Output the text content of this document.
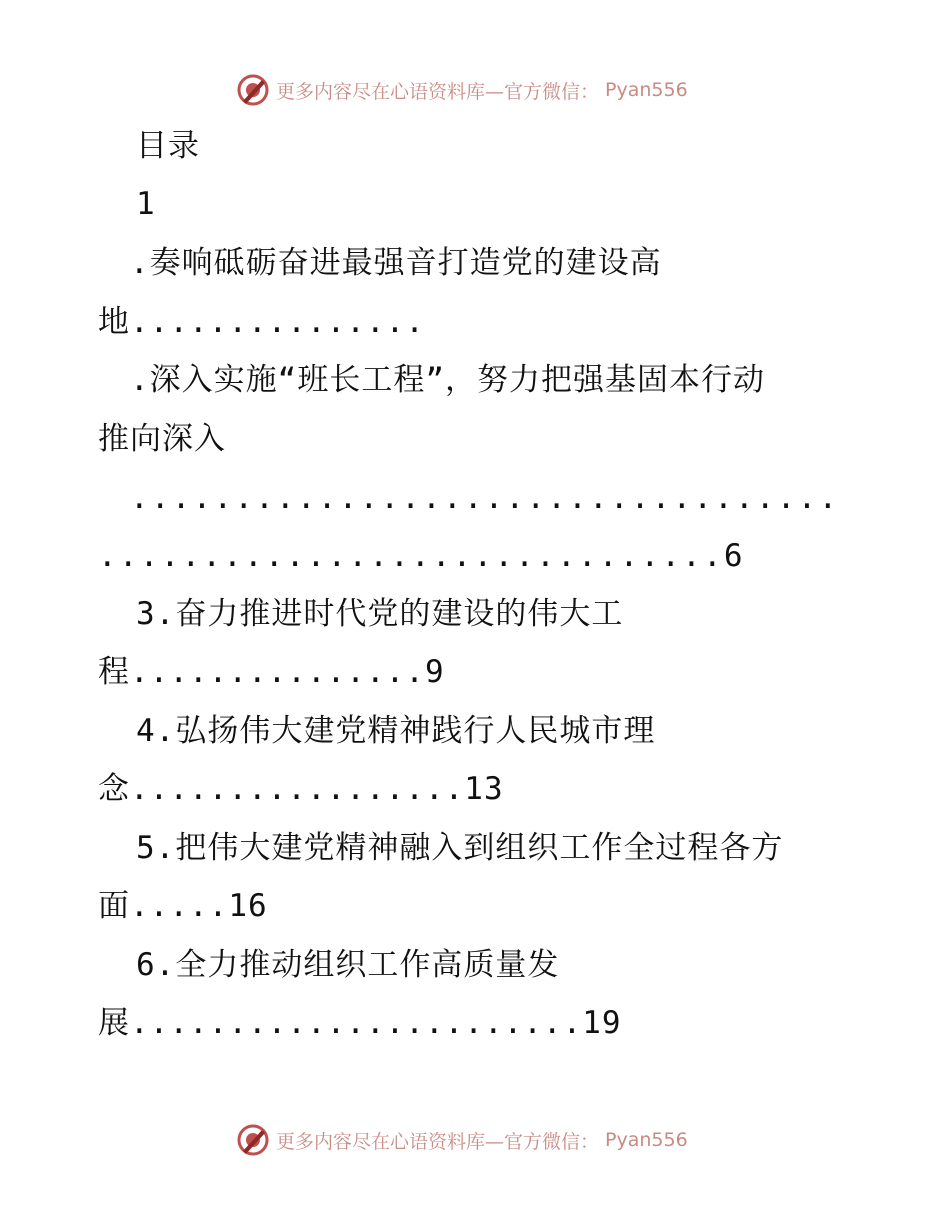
更多内容尽在心语资料库—官方微信： Pyan556
目录
1
.奏响砥砺奋进最强音打造党的建设高
地...............
.深入实施“班长工程”，努力把强基固本行动
推向深入
..................................
..............................6
3.奋力推进时代党的建设的伟大工
程...............9
4.弘扬伟大建党精神践行人民城市理
念.................13
5.把伟大建党精神融入到组织工作全过程各方
面.....16
6.全力推动组织工作高质量发
展.......................19
更多内容尽在心语资料库—官方微信： Pyan556
